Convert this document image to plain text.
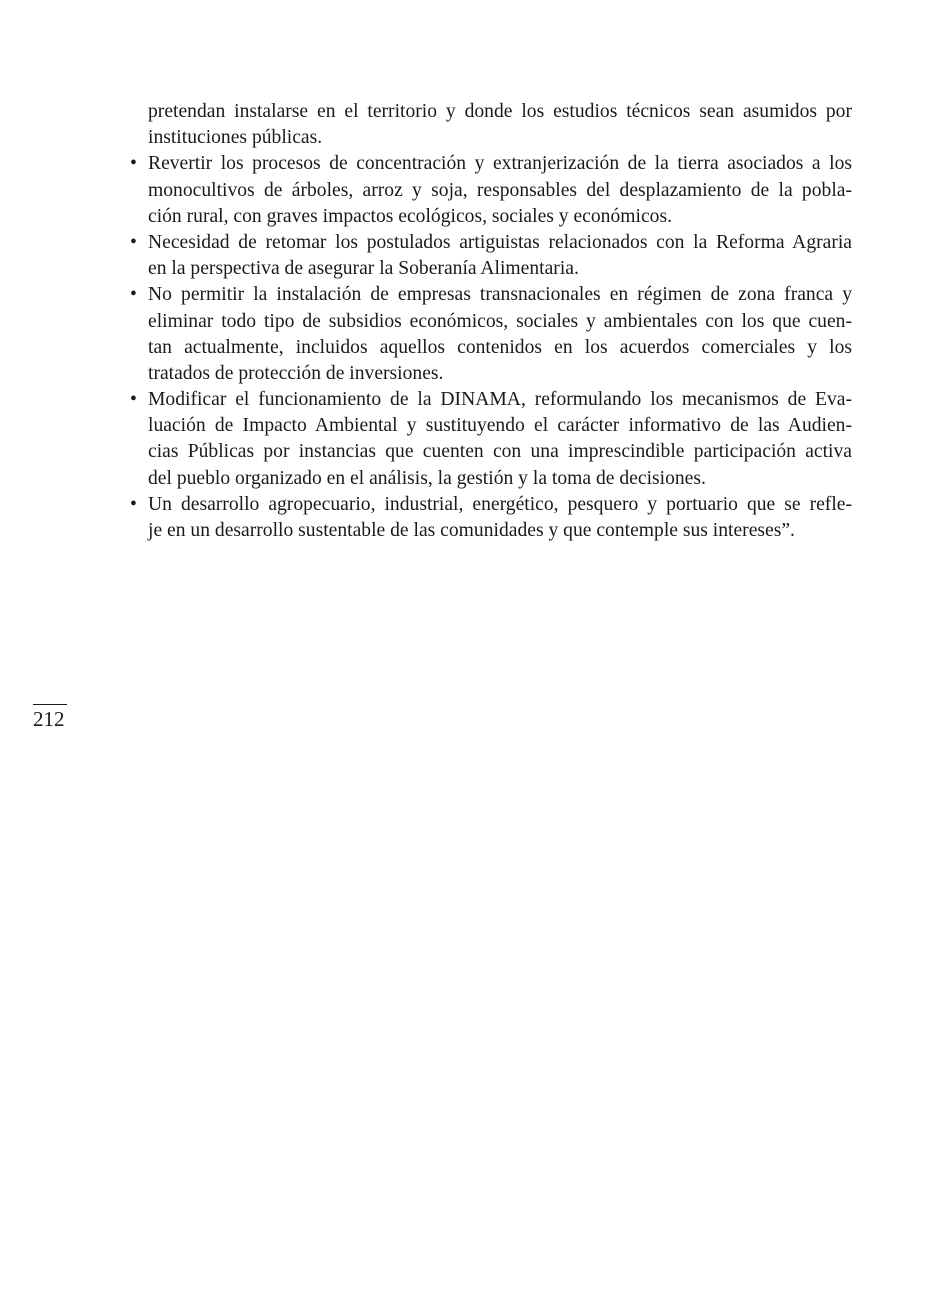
pretendan instalarse en el territorio y donde los estudios técnicos sean asumidos por
instituciones públicas.
• Revertir los procesos de concentración y extranjerización de la tierra asociados a los
monocultivos de árboles, arroz y soja, responsables del desplazamiento de la pobla-
ción rural, con graves impactos ecológicos, sociales y económicos.
• Necesidad de retomar los postulados artiguistas relacionados con la Reforma Agraria
en la perspectiva de asegurar la Soberanía Alimentaria.
• No permitir la instalación de empresas transnacionales en régimen de zona franca y
eliminar todo tipo de subsidios económicos, sociales y ambientales con los que cuen-
tan actualmente, incluidos aquellos contenidos en los acuerdos comerciales y los
tratados de protección de inversiones.
• Modificar el funcionamiento de la DINAMA, reformulando los mecanismos de Eva-
luación de Impacto Ambiental y sustituyendo el carácter informativo de las Audien-
cias Públicas por instancias que cuenten con una imprescindible participación activa
del pueblo organizado en el análisis, la gestión y la toma de decisiones.
• Un desarrollo agropecuario, industrial, energético, pesquero y portuario que se refle-
je en un desarrollo sustentable de las comunidades y que contemple sus intereses”.
212
